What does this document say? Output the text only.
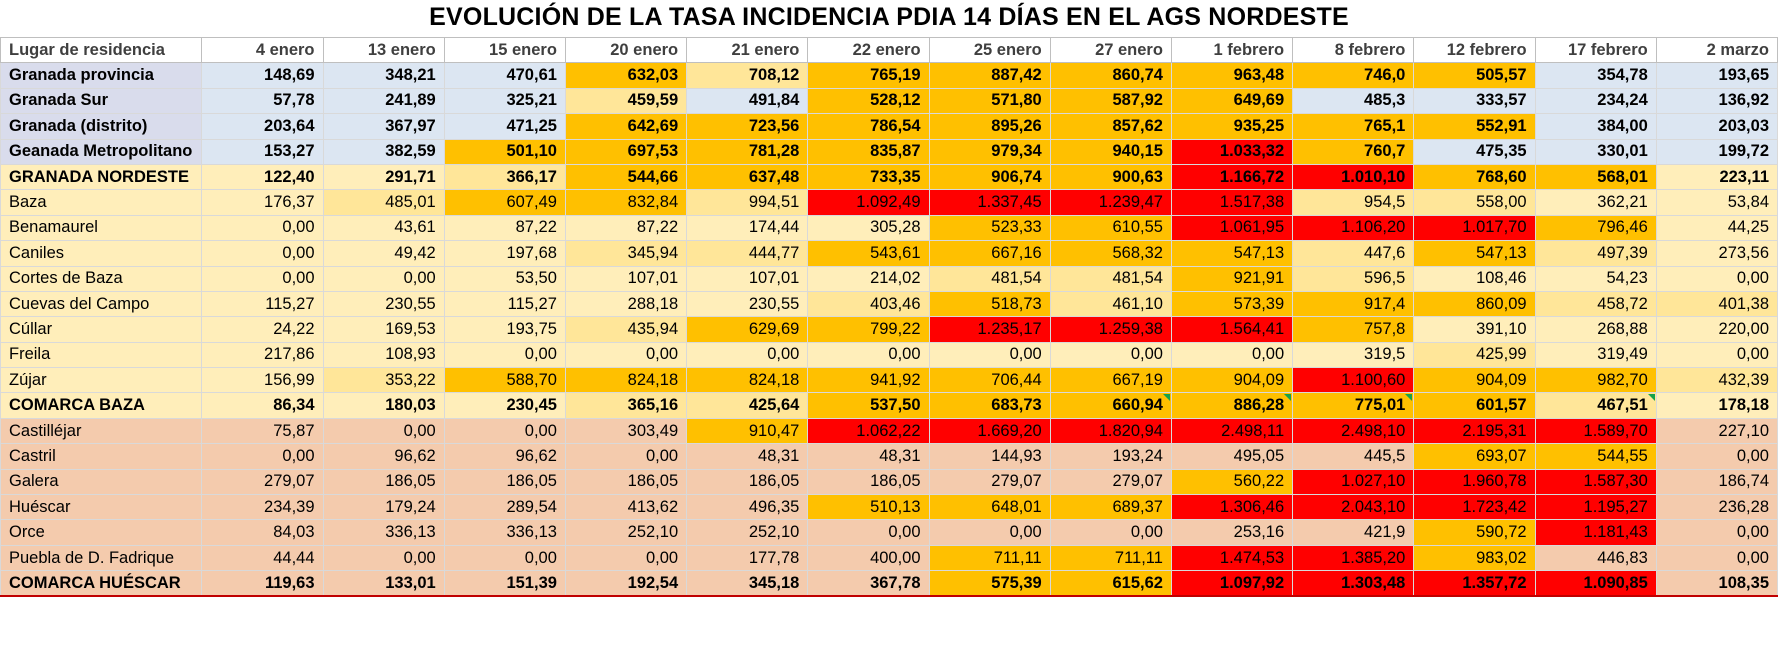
EVOLUCIÓN DE LA TASA INCIDENCIA PDIA 14 DÍAS EN EL AGS NORDESTE
Lugar de residencia	4 enero	13 enero	15 enero	20 enero	21 enero	22 enero	25 enero	27 enero	1 febrero	8 febrero	12 febrero	17 febrero	2 marzo
Granada provincia	148,69	348,21	470,61	632,03	708,12	765,19	887,42	860,74	963,48	746,0	505,57	354,78	193,65
Granada Sur	57,78	241,89	325,21	459,59	491,84	528,12	571,80	587,92	649,69	485,3	333,57	234,24	136,92
Granada (distrito)	203,64	367,97	471,25	642,69	723,56	786,54	895,26	857,62	935,25	765,1	552,91	384,00	203,03
Geanada Metropolitano	153,27	382,59	501,10	697,53	781,28	835,87	979,34	940,15	1.033,32	760,7	475,35	330,01	199,72
GRANADA NORDESTE	122,40	291,71	366,17	544,66	637,48	733,35	906,74	900,63	1.166,72	1.010,10	768,60	568,01	223,11
Baza	176,37	485,01	607,49	832,84	994,51	1.092,49	1.337,45	1.239,47	1.517,38	954,5	558,00	362,21	53,84
Benamaurel	0,00	43,61	87,22	87,22	174,44	305,28	523,33	610,55	1.061,95	1.106,20	1.017,70	796,46	44,25
Caniles	0,00	49,42	197,68	345,94	444,77	543,61	667,16	568,32	547,13	447,6	547,13	497,39	273,56
Cortes de Baza	0,00	0,00	53,50	107,01	107,01	214,02	481,54	481,54	921,91	596,5	108,46	54,23	0,00
Cuevas del Campo	115,27	230,55	115,27	288,18	230,55	403,46	518,73	461,10	573,39	917,4	860,09	458,72	401,38
Cúllar	24,22	169,53	193,75	435,94	629,69	799,22	1.235,17	1.259,38	1.564,41	757,8	391,10	268,88	220,00
Freila	217,86	108,93	0,00	0,00	0,00	0,00	0,00	0,00	0,00	319,5	425,99	319,49	0,00
Zújar	156,99	353,22	588,70	824,18	824,18	941,92	706,44	667,19	904,09	1.100,60	904,09	982,70	432,39
COMARCA BAZA	86,34	180,03	230,45	365,16	425,64	537,50	683,73	660,94	886,28	775,01	601,57	467,51	178,18
Castilléjar	75,87	0,00	0,00	303,49	910,47	1.062,22	1.669,20	1.820,94	2.498,11	2.498,10	2.195,31	1.589,70	227,10
Castril	0,00	96,62	96,62	0,00	48,31	48,31	144,93	193,24	495,05	445,5	693,07	544,55	0,00
Galera	279,07	186,05	186,05	186,05	186,05	186,05	279,07	279,07	560,22	1.027,10	1.960,78	1.587,30	186,74
Huéscar	234,39	179,24	289,54	413,62	496,35	510,13	648,01	689,37	1.306,46	2.043,10	1.723,42	1.195,27	236,28
Orce	84,03	336,13	336,13	252,10	252,10	0,00	0,00	0,00	253,16	421,9	590,72	1.181,43	0,00
Puebla de D. Fadrique	44,44	0,00	0,00	0,00	177,78	400,00	711,11	711,11	1.474,53	1.385,20	983,02	446,83	0,00
COMARCA HUÉSCAR	119,63	133,01	151,39	192,54	345,18	367,78	575,39	615,62	1.097,92	1.303,48	1.357,72	1.090,85	108,35
